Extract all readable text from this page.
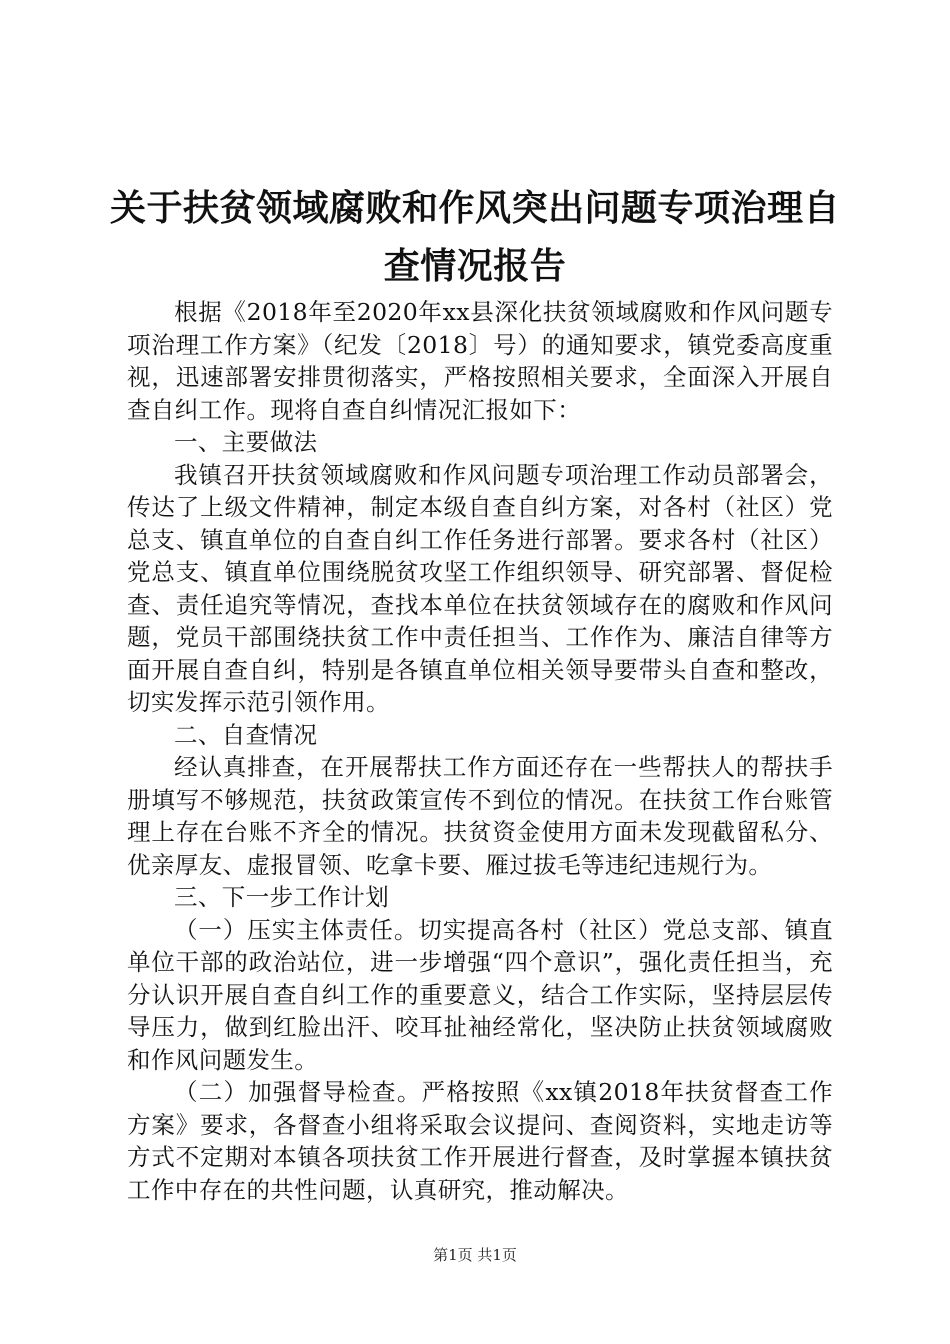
关于扶贫领域腐败和作风突出问题专项治理自
查情况报告

根据《2018年至2020年xx县深化扶贫领域腐败和作风问题专项治理工作方案》（纪发〔2018〕号）的通知要求，镇党委高度重视，迅速部署安排贯彻落实，严格按照相关要求，全面深入开展自查自纠工作。现将自查自纠情况汇报如下：

一、主要做法

我镇召开扶贫领域腐败和作风问题专项治理工作动员部署会，传达了上级文件精神，制定本级自查自纠方案，对各村（社区）党总支、镇直单位的自查自纠工作任务进行部署。要求各村（社区）党总支、镇直单位围绕脱贫攻坚工作组织领导、研究部署、督促检查、责任追究等情况，查找本单位在扶贫领域存在的腐败和作风问题，党员干部围绕扶贫工作中责任担当、工作作为、廉洁自律等方面开展自查自纠，特别是各镇直单位相关领导要带头自查和整改，切实发挥示范引领作用。

二、自查情况

经认真排查，在开展帮扶工作方面还存在一些帮扶人的帮扶手册填写不够规范，扶贫政策宣传不到位的情况。在扶贫工作台账管理上存在台账不齐全的情况。扶贫资金使用方面未发现截留私分、优亲厚友、虚报冒领、吃拿卡要、雁过拔毛等违纪违规行为。

三、下一步工作计划

（一）压实主体责任。切实提高各村（社区）党总支部、镇直单位干部的政治站位，进一步增强“四个意识”，强化责任担当，充分认识开展自查自纠工作的重要意义，结合工作实际，坚持层层传导压力，做到红脸出汗、咬耳扯袖经常化，坚决防止扶贫领域腐败和作风问题发生。

（二）加强督导检查。严格按照《xx镇2018年扶贫督查工作方案》要求，各督查小组将采取会议提问、查阅资料，实地走访等方式不定期对本镇各项扶贫工作开展进行督查，及时掌握本镇扶贫工作中存在的共性问题，认真研究，推动解决。

第1页 共1页
